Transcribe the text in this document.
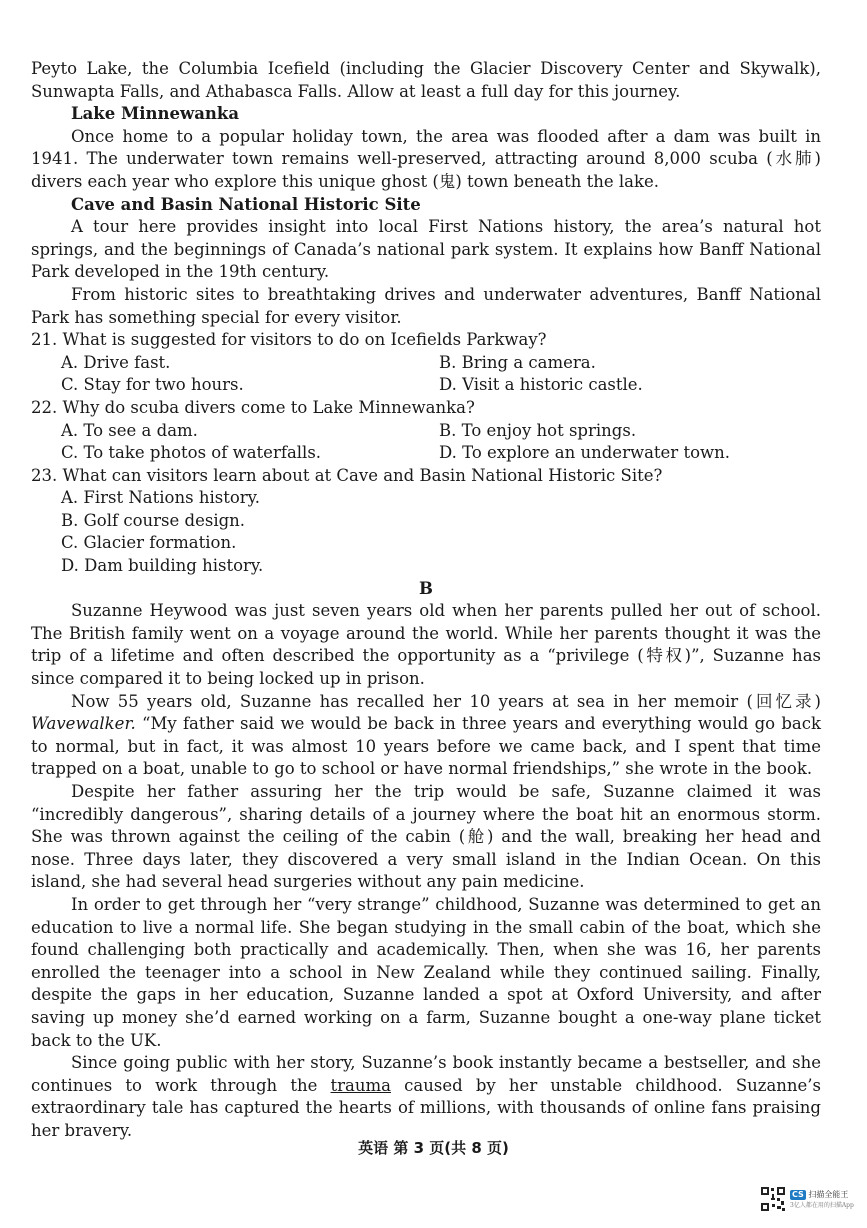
Peyto Lake, the Columbia Icefield (including the Glacier Discovery Center and Skywalk), Sunwapta Falls, and Athabasca Falls. Allow at least a full day for this journey.

Lake Minnewanka

Once home to a popular holiday town, the area was flooded after a dam was built in 1941. The underwater town remains well-preserved, attracting around 8,000 scuba (水肺) divers each year who explore this unique ghost (鬼) town beneath the lake.

Cave and Basin National Historic Site

A tour here provides insight into local First Nations history, the area’s natural hot springs, and the beginnings of Canada’s national park system. It explains how Banff National Park developed in the 19th century.

From historic sites to breathtaking drives and underwater adventures, Banff National Park has something special for every visitor.

21. What is suggested for visitors to do on Icefields Parkway?

A. Drive fast.	B. Bring a camera.
C. Stay for two hours.	D. Visit a historic castle.

22. Why do scuba divers come to Lake Minnewanka?

A. To see a dam.	B. To enjoy hot springs.
C. To take photos of waterfalls.	D. To explore an underwater town.

23. What can visitors learn about at Cave and Basin National Historic Site?

A. First Nations history.

B. Golf course design.

C. Glacier formation.

D. Dam building history.

B

Suzanne Heywood was just seven years old when her parents pulled her out of school. The British family went on a voyage around the world. While her parents thought it was the trip of a lifetime and often described the opportunity as a “privilege (特权)”, Suzanne has since compared it to being locked up in prison.

Now 55 years old, Suzanne has recalled her 10 years at sea in her memoir (回忆录) Wavewalker. “My father said we would be back in three years and everything would go back to normal, but in fact, it was almost 10 years before we came back, and I spent that time trapped on a boat, unable to go to school or have normal friendships,” she wrote in the book.

Despite her father assuring her the trip would be safe, Suzanne claimed it was “incredibly dangerous”, sharing details of a journey where the boat hit an enormous storm. She was thrown against the ceiling of the cabin (舱) and the wall, breaking her head and nose. Three days later, they discovered a very small island in the Indian Ocean. On this island, she had several head surgeries without any pain medicine.

In order to get through her “very strange” childhood, Suzanne was determined to get an education to live a normal life. She began studying in the small cabin of the boat, which she found challenging both practically and academically. Then, when she was 16, her parents enrolled the teenager into a school in New Zealand while they continued sailing. Finally, despite the gaps in her education, Suzanne landed a spot at Oxford University, and after saving up money she’d earned working on a farm, Suzanne bought a one-way plane ticket back to the UK.

Since going public with her story, Suzanne’s book instantly became a bestseller, and she continues to work through the trauma caused by her unstable childhood. Suzanne’s extraordinary tale has captured the hearts of millions, with thousands of online fans praising her bravery.

英语 第 3 页(共 8 页)
CS 扫描全能王
3亿人都在用的扫描App
